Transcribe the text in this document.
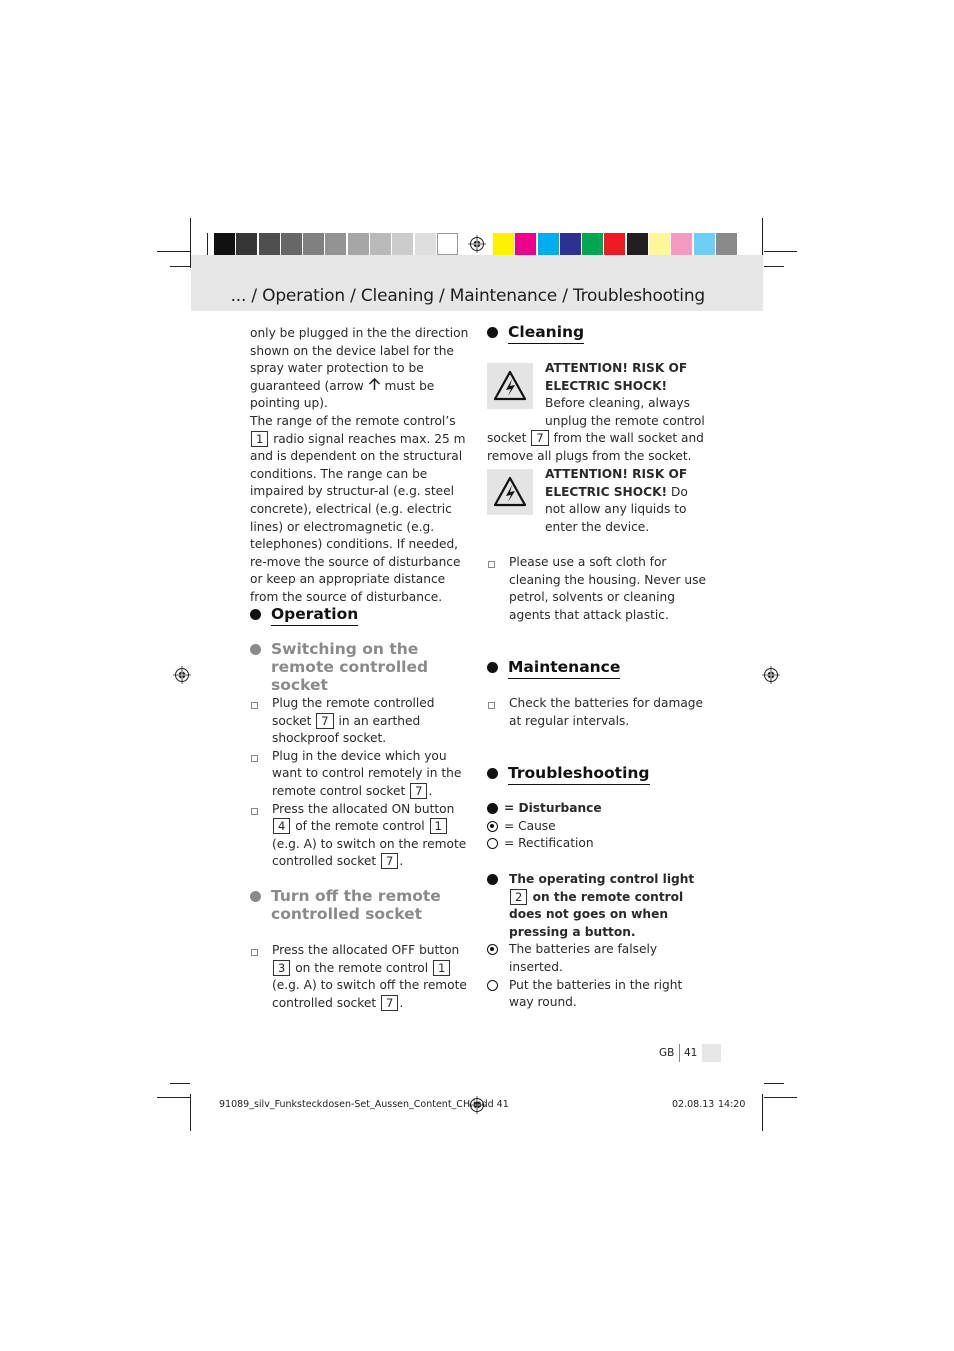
... / Operation / Cleaning / Maintenance / Troubleshooting

only be plugged in the the direction shown on the device label for the spray water protection to be guaranteed (arrow must be pointing up).

The range of the remote control’s 1 radio signal reaches max. 25 m and is dependent on the structural conditions. The range can be impaired by structur-al (e.g. steel concrete), electrical (e.g. electric lines) or electromagnetic (e.g. telephones) conditions. If needed, re-move the source of disturbance or keep an appropriate distance from the source of disturbance.

Operation
Switching on the remote controlled socket
Plug the remote controlled socket 7 in an earthed shockproof socket.
Plug in the device which you want to control remotely in the remote control socket 7 .
Press the allocated ON button 4 of the remote control 1 (e.g. A) to switch on the remote controlled socket 7 .
Turn off the remote controlled socket
Press the allocated OFF button 3 on the remote control 1 (e.g. A) to switch off the remote controlled socket 7 .
Cleaning

ATTENTION! RISK OF ELECTRIC SHOCK! Before cleaning, always unplug the remote control socket 7 from the wall socket and remove all plugs from the socket.

ATTENTION! RISK OF ELECTRIC SHOCK! Do not allow any liquids to enter the device.

Please use a soft cloth for cleaning the housing. Never use petrol, solvents or cleaning agents that attack plastic.
Maintenance
Check the batteries for damage at regular intervals.
Troubleshooting
= Disturbance
= Cause
= Rectification
The operating control light 2 on the remote control does not goes on when pressing a button.
The batteries are falsely inserted.
Put the batteries in the right way round.
GB 41
91089_silv_Funksteckdosen-Set_Aussen_Content_CH.indd 41	02.08.13 14:20
